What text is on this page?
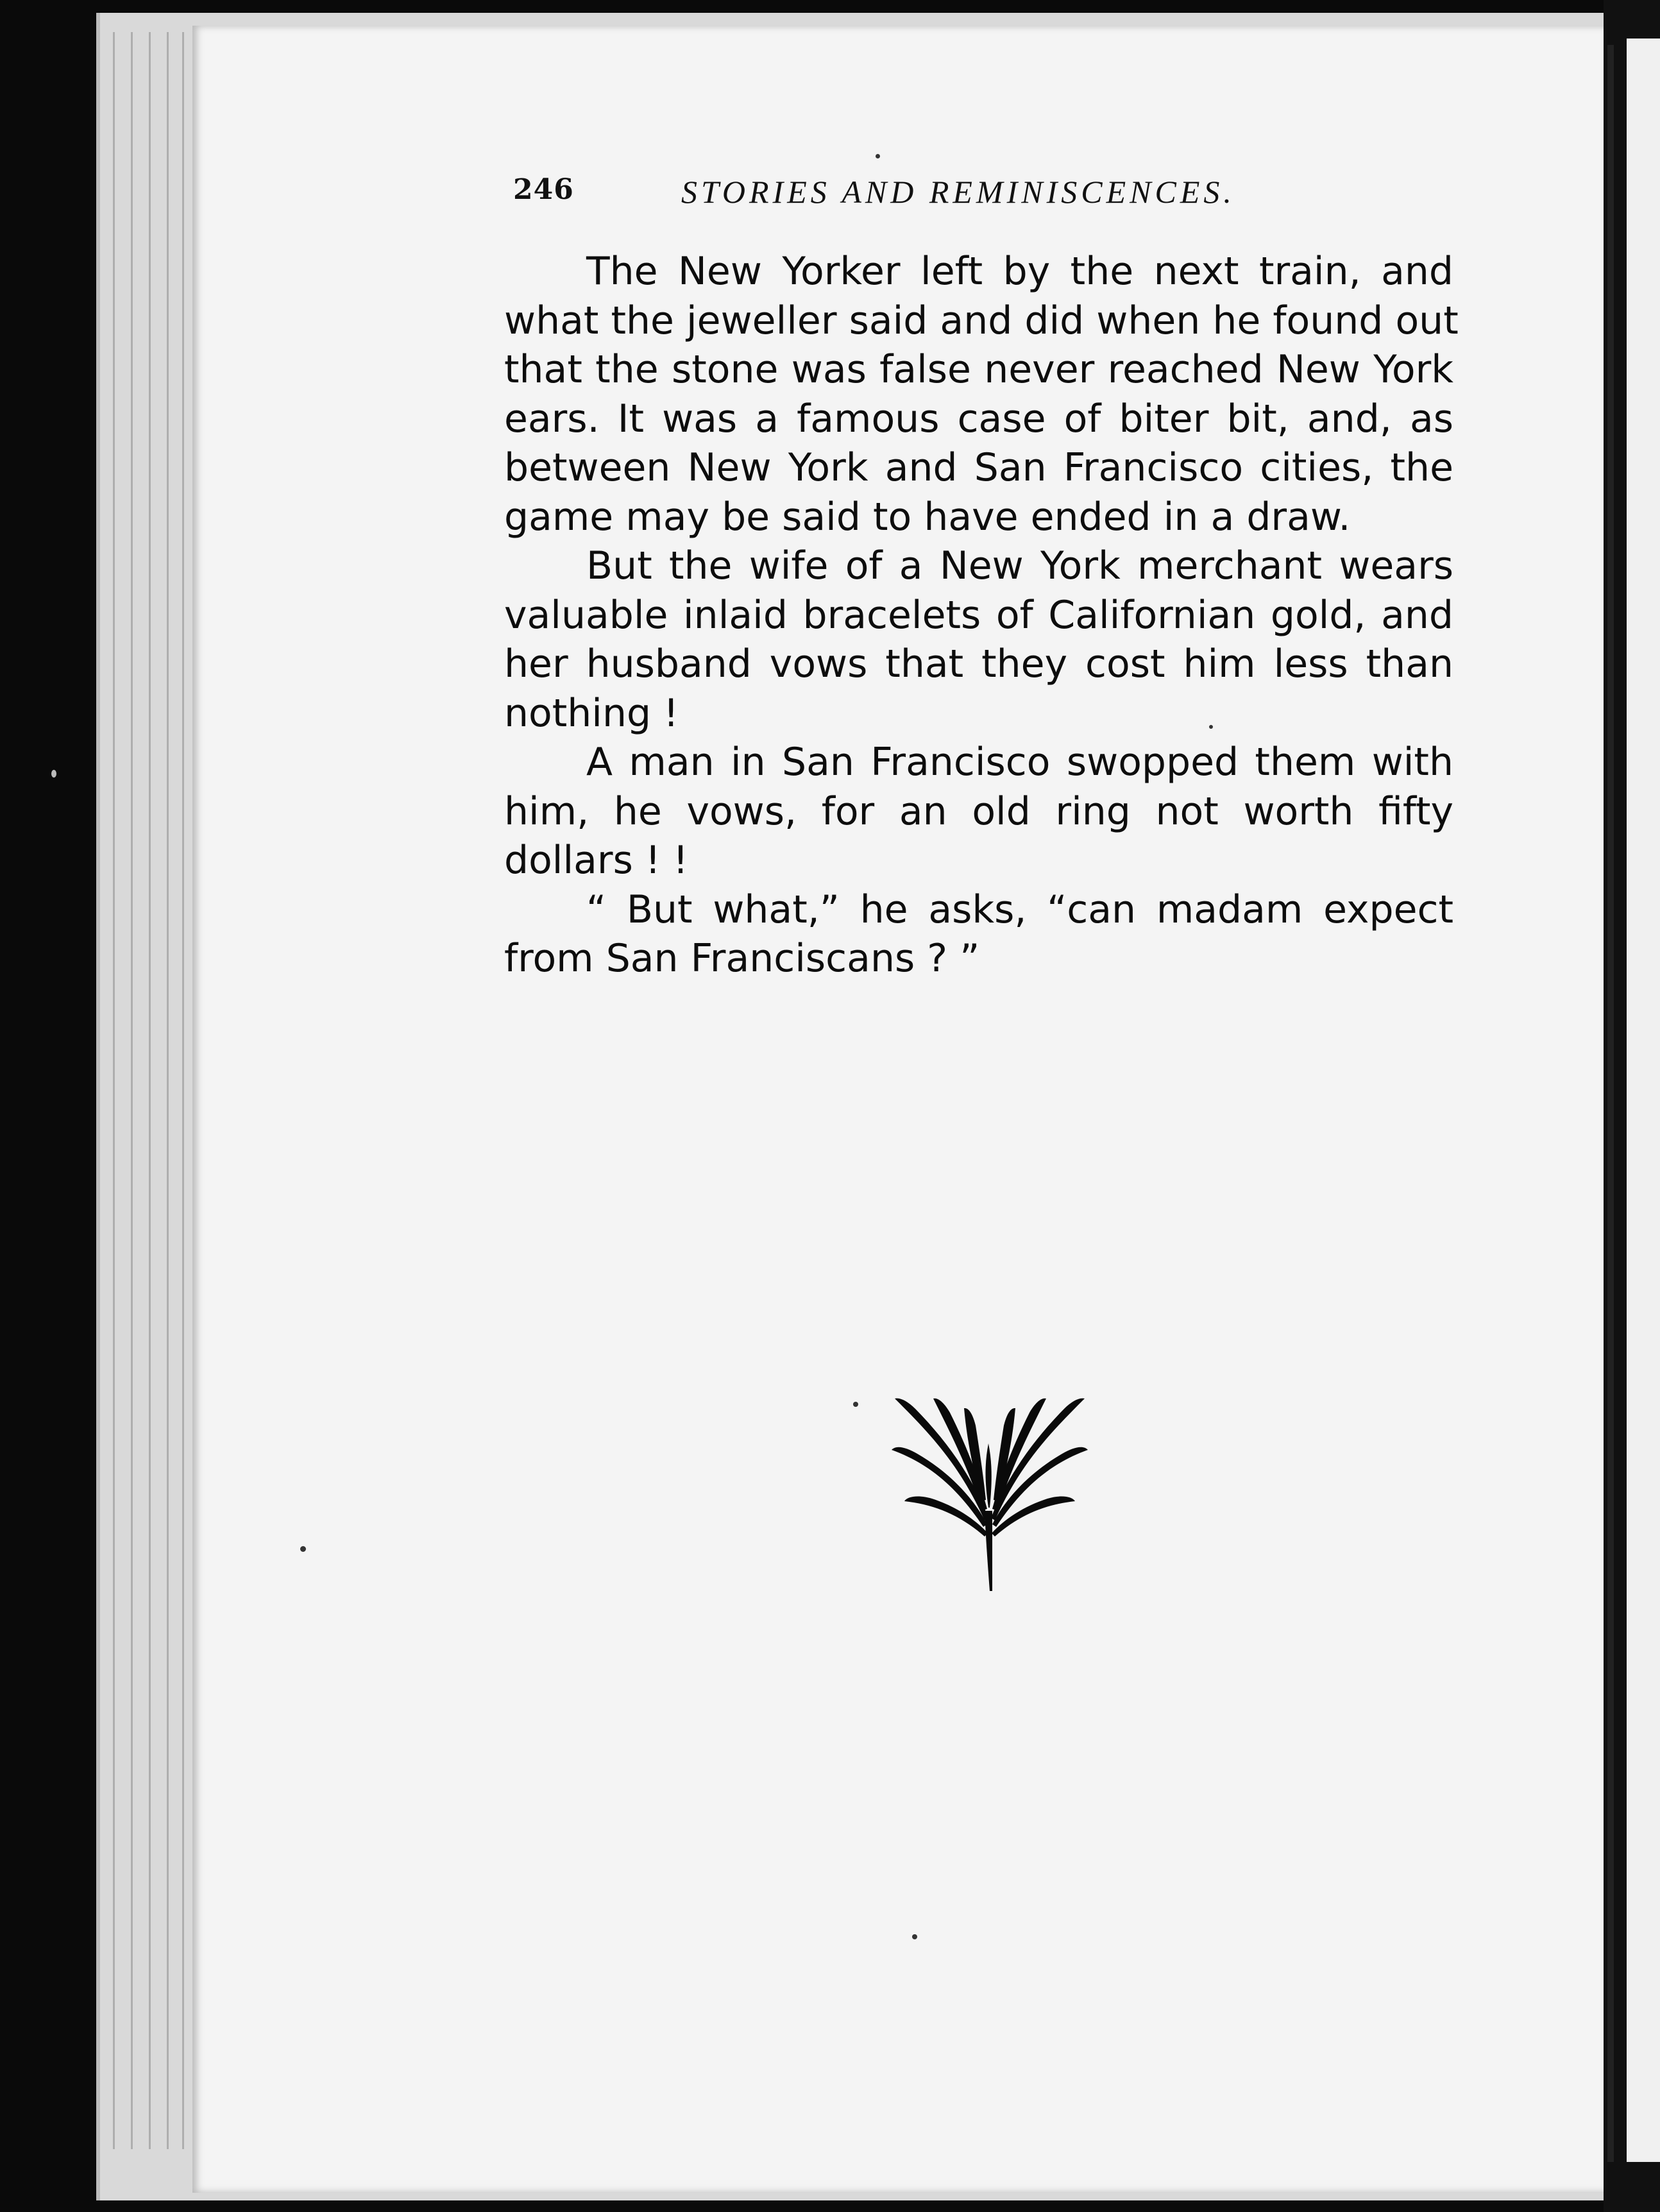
246	STORIES AND REMINISCENCES.

The New Yorker left by the next train, and
what the jeweller said and did when he found out
that the stone was false never reached New York
ears. It was a famous case of biter bit, and, as
between New York and San Francisco cities, the
game may be said to have ended in a draw.

But the wife of a New York merchant wears
valuable inlaid bracelets of Californian gold, and
her husband vows that they cost him less than
nothing !

A man in San Francisco swopped them with
him, he vows, for an old ring not worth fifty
dollars ! !

“ But what,” he asks, “can madam expect
from San Franciscans ? ”
